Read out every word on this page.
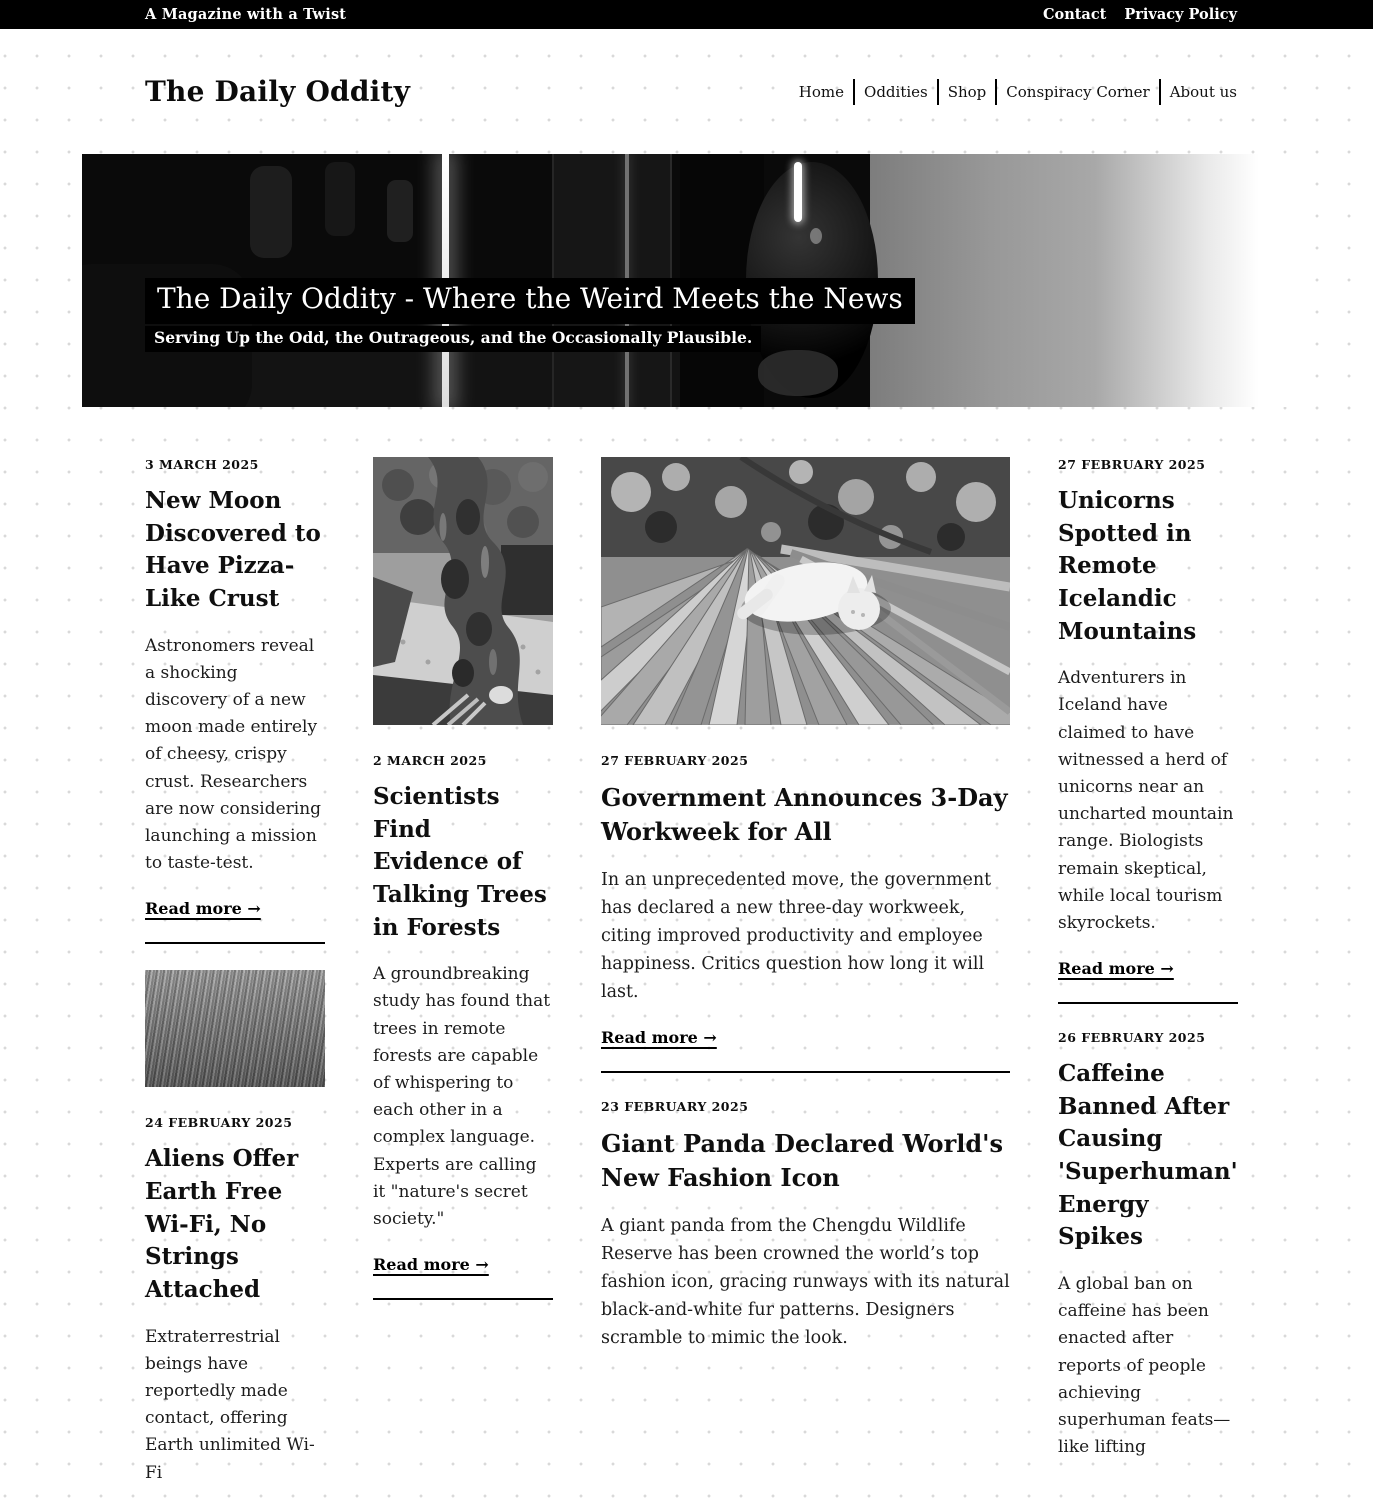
A Magazine with a Twist	Contact Privacy Policy
The Daily Oddity	Home Oddities Shop Conspiracy Corner About us
The Daily Oddity - Where the Weird Meets the News
Serving Up the Odd, the Outrageous, and the Occasionally Plausible.
3 MARCH 2025
New Moon Discovered to Have Pizza-Like Crust

Astronomers reveal a shocking discovery of a new moon made entirely of cheesy, crispy crust. Researchers are now considering launching a mission to taste-test.

Read more →
24 FEBRUARY 2025
Aliens Offer Earth Free Wi-Fi, No Strings Attached

Extraterrestrial beings have reportedly made contact, offering Earth unlimited Wi-Fi

2 MARCH 2025
Scientists Find Evidence of Talking Trees in Forests

A groundbreaking study has found that trees in remote forests are capable of whispering to each other in a complex language. Experts are calling it "nature's secret society."

Read more →
27 FEBRUARY 2025
Government Announces 3-Day Workweek for All

In an unprecedented move, the government has declared a new three-day workweek, citing improved productivity and employee happiness. Critics question how long it will last.

Read more →
23 FEBRUARY 2025
Giant Panda Declared World's New Fashion Icon

A giant panda from the Chengdu Wildlife Reserve has been crowned the world’s top fashion icon, gracing runways with its natural black-and-white fur patterns. Designers scramble to mimic the look.

27 FEBRUARY 2025
Unicorns Spotted in Remote Icelandic Mountains

Adventurers in Iceland have claimed to have witnessed a herd of unicorns near an uncharted mountain range. Biologists remain skeptical, while local tourism skyrockets.

Read more →
26 FEBRUARY 2025
Caffeine Banned After Causing 'Superhuman' Energy Spikes

A global ban on caffeine has been enacted after reports of people achieving superhuman feats—like lifting
